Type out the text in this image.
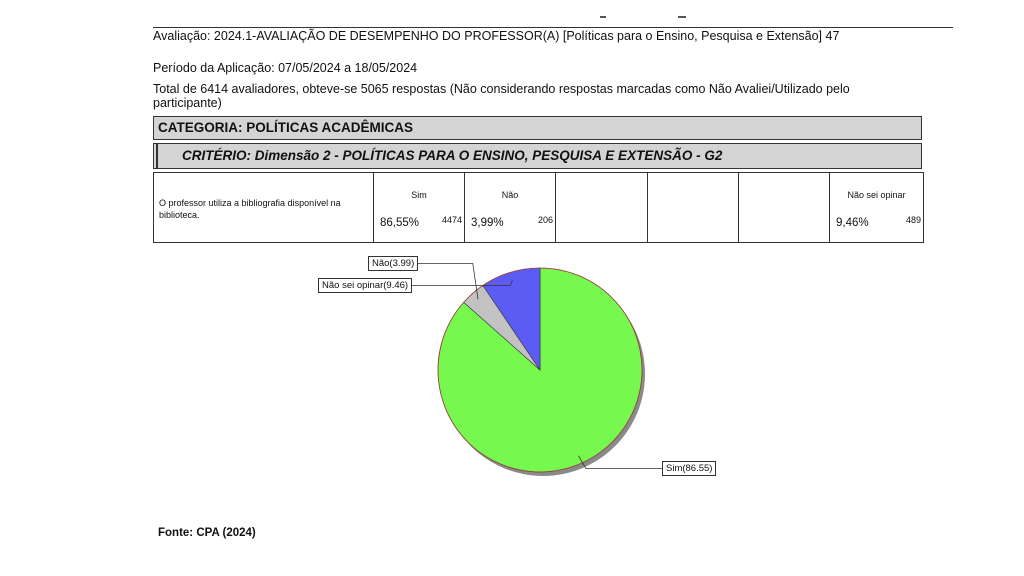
Avaliação: 2024.1-AVALIAÇÃO DE DESEMPENHO DO PROFESSOR(A) [Políticas para o Ensino, Pesquisa e Extensão] 47
Período da Aplicação: 07/05/2024 a 18/05/2024
Total de 6414 avaliadores, obteve-se 5065 respostas (Não considerando respostas marcadas como Não Avaliei/Utilizado pelo participante)
CATEGORIA: POLÍTICAS ACADÊMICAS
CRITÉRIO: Dimensão 2 - POLÍTICAS PARA O ENSINO, PESQUISA E EXTENSÃO - G2
O professor utiliza a bibliografia disponível na biblioteca.	
Sim
86,55%	4474

Não
3,99%	206

Não sei opinar
9,46%	489
Fonte: CPA (2024)
Sim(86.55)
Não(3.99)
Não sei opinar(9.46)
